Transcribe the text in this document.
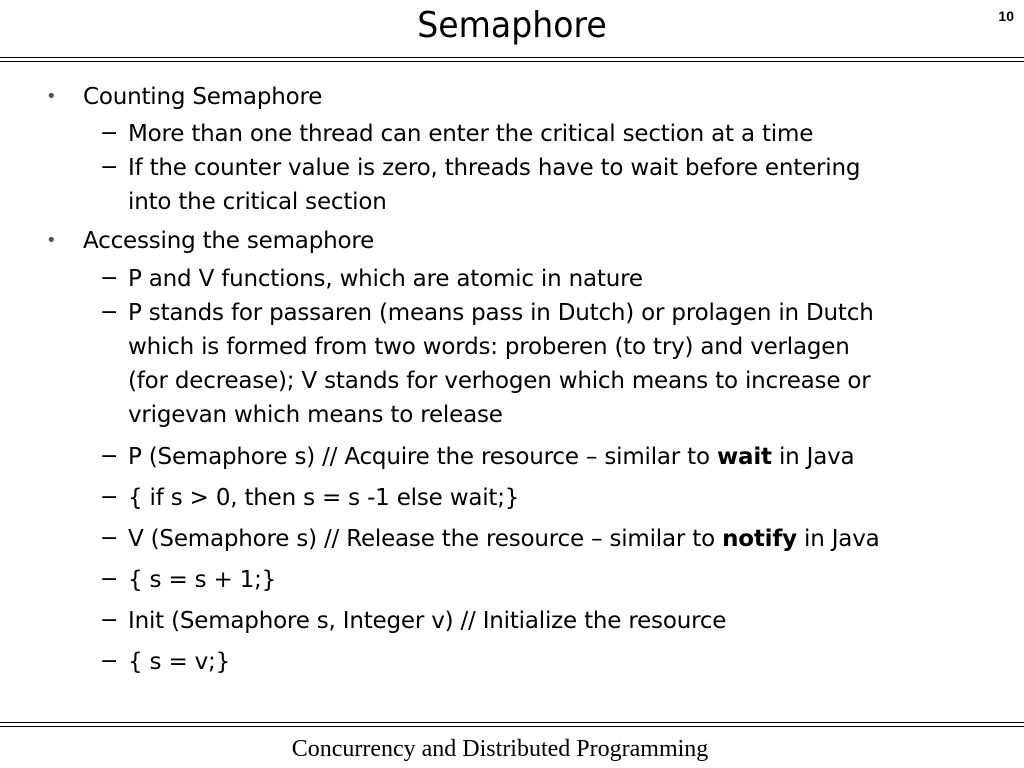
Semaphore	10
• Counting Semaphore
− More than one thread can enter the critical section at a time
− If the counter value is zero, threads have to wait before entering
into the critical section
• Accessing the semaphore
− P and V functions, which are atomic in nature
− P stands for passaren (means pass in Dutch) or prolagen in Dutch
which is formed from two words: proberen (to try) and verlagen
(for decrease); V stands for verhogen which means to increase or
vrigevan which means to release
− P (Semaphore s) // Acquire the resource – similar to wait in Java
− { if s > 0, then s = s -1 else wait;}
− V (Semaphore s) // Release the resource – similar to notify in Java
− { s = s + 1;}
− Init (Semaphore s, Integer v) // Initialize the resource
− { s = v;}
Concurrency and Distributed Programming
